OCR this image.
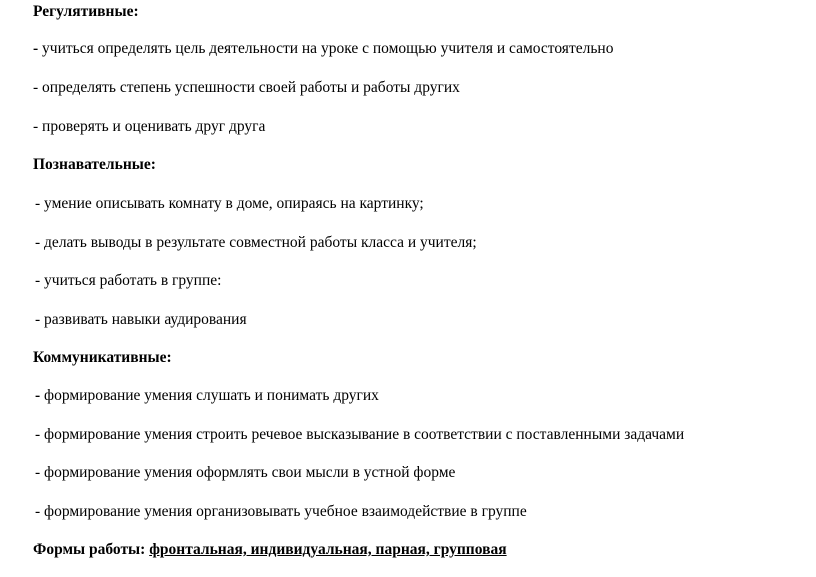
Регулятивные:
- учиться определять цель деятельности на уроке с помощью учителя и самостоятельно
- определять степень успешности своей работы и работы других
- проверять и оценивать друг друга
Познавательные:
- умение описывать комнату в доме, опираясь на картинку;
- делать выводы в результате совместной работы класса и учителя;
- учиться работать в группе:
- развивать навыки аудирования
Коммуникативные:
- формирование умения слушать и понимать других
- формирование умения строить речевое высказывание в соответствии с поставленными задачами
- формирование умения оформлять свои мысли в устной форме
- формирование умения организовывать учебное взаимодействие в группе
Формы работы: фронтальная, индивидуальная, парная, групповая
